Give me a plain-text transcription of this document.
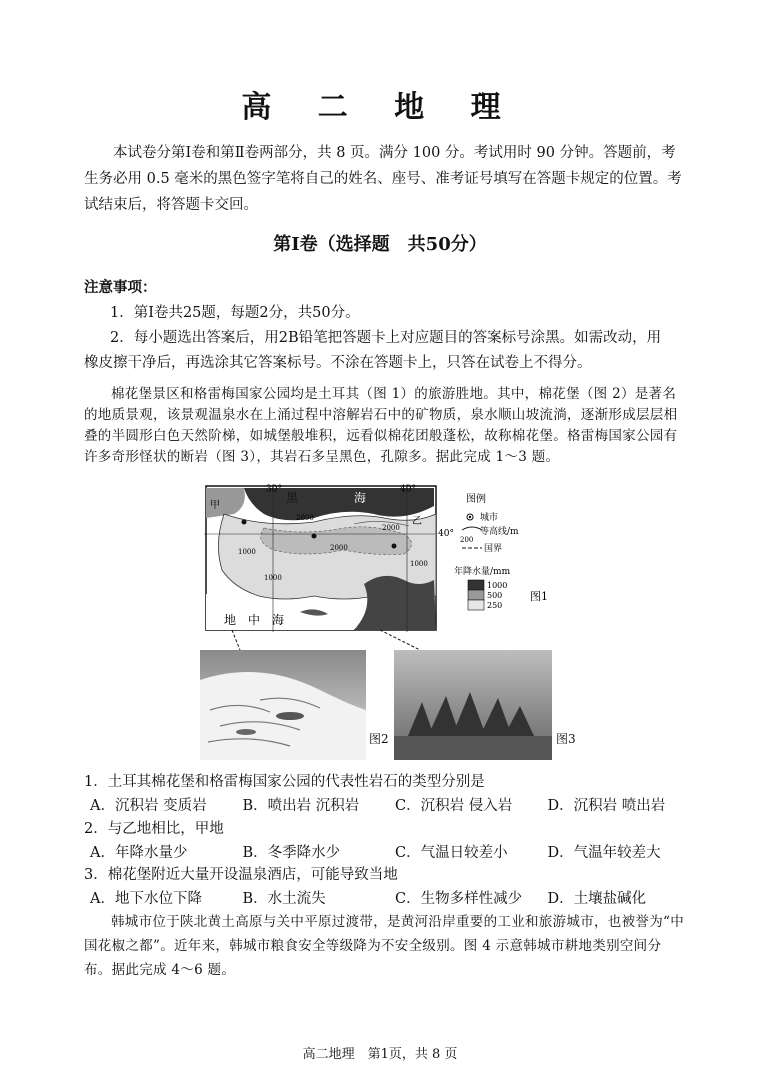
高 二 地 理
本试卷分第Ⅰ卷和第Ⅱ卷两部分，共 8 页。满分 100 分。考试用时 90 分钟。答题前，考生务必用 0.5 毫米的黑色签字笔将自己的姓名、座号、准考证号填写在答题卡规定的位置。考试结束后，将答题卡交回。
第Ⅰ卷（选择题　共50分）
注意事项：
1．第Ⅰ卷共25题，每题2分，共50分。
2．每小题选出答案后，用2B铅笔把答题卡上对应题目的答案标号涂黑。如需改动，用
橡皮擦干净后，再选涂其它答案标号。不涂在答题卡上，只答在试卷上不得分。
棉花堡景区和格雷梅国家公园均是土耳其（图 1）的旅游胜地。其中，棉花堡（图 2）是著名的地质景观，该景观温泉水在上涌过程中溶解岩石中的矿物质，泉水顺山坡流淌，逐渐形成层层相叠的半圆形白色天然阶梯，如城堡般堆积，远看似棉花团般蓬松，故称棉花堡。格雷梅国家公园有许多奇形怪状的断岩（图 3），其岩石多呈黑色，孔隙多。据此完成 1～3 题。
30°	40°
40°
黑	海
地 中 海
甲
乙
2000
2000
1000
1000
2000
1000
图例
城市
200
等高线/m
国界
年降水量/mm
1000
500
250
图1
图2	图3
1．土耳其棉花堡和格雷梅国家公园的代表性岩石的类型分别是
A．沉积岩 变质岩	B．喷出岩 沉积岩	C．沉积岩 侵入岩	D．沉积岩 喷出岩
2．与乙地相比，甲地
A．年降水量少	B．冬季降水少	C．气温日较差小	D．气温年较差大
3．棉花堡附近大量开设温泉酒店，可能导致当地
A．地下水位下降	B．水土流失	C．生物多样性减少	D．土壤盐碱化
韩城市位于陕北黄土高原与关中平原过渡带，是黄河沿岸重要的工业和旅游城市，也被誉为“中国花椒之都”。近年来，韩城市粮食安全等级降为不安全级别。图 4 示意韩城市耕地类别空间分布。据此完成 4～6 题。
高二地理　第1页，共 8 页
